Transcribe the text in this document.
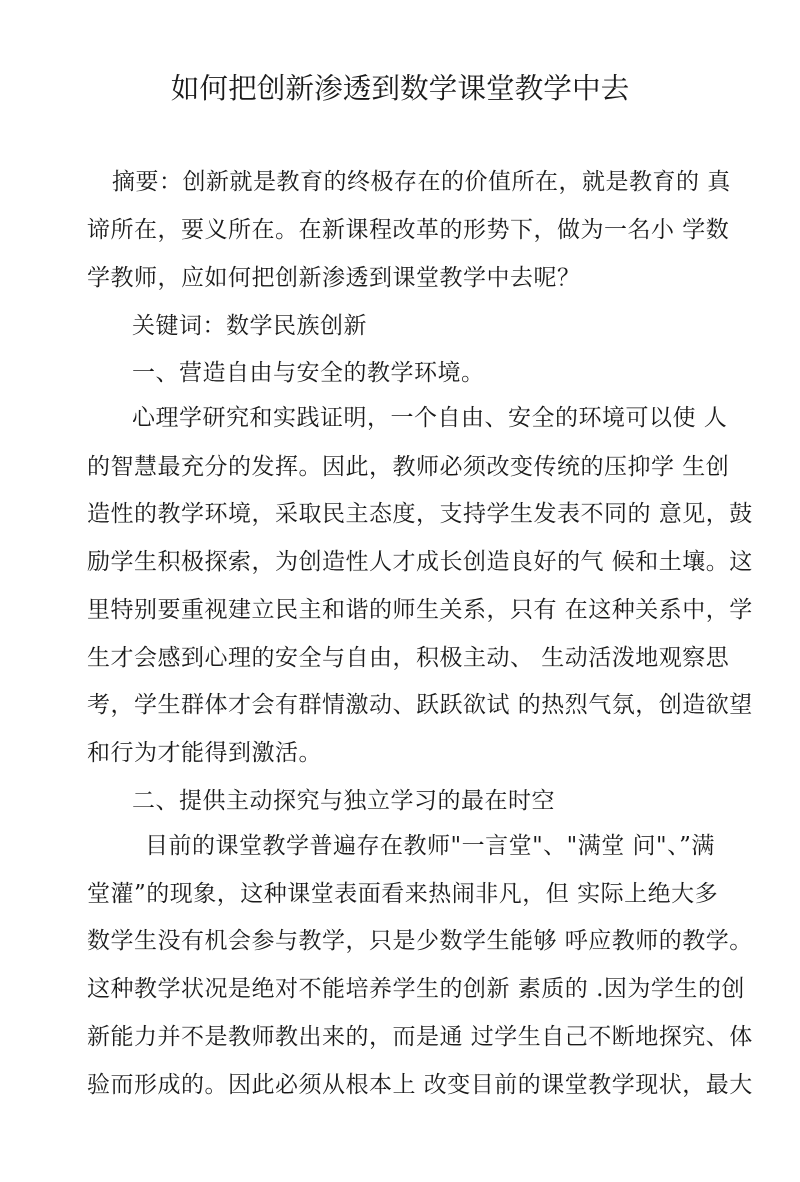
如何把创新渗透到数学课堂教学中去
摘要：创新就是教育的终极存在的价值所在，就是教育的 真
谛所在，要义所在。在新课程改革的形势下，做为一名小 学数
学教师，应如何把创新渗透到课堂教学中去呢？
关键词：数学民族创新
一、营造自由与安全的教学环境。
心理学研究和实践证明，一个自由、安全的环境可以使 人
的智慧最充分的发挥。因此，教师必须改变传统的压抑学 生创
造性的教学环境，采取民主态度，支持学生发表不同的 意见，鼓
励学生积极探索，为创造性人才成长创造良好的气 候和土壤。这
里特别要重视建立民主和谐的师生关系，只有 在这种关系中，学
生才会感到心理的安全与自由，积极主动、 生动活泼地观察思
考，学生群体才会有群情激动、跃跃欲试 的热烈气氛，创造欲望
和行为才能得到激活。
二、提供主动探究与独立学习的最在时空
目前的课堂教学普遍存在教师"一言堂"、"满堂 问"、”满
堂灌”的现象，这种课堂表面看来热闹非凡，但 实际上绝大多
数学生没有机会参与教学，只是少数学生能够 呼应教师的教学。
这种教学状况是绝对不能培养学生的创新 素质的 .因为学生的创
新能力并不是教师教出来的，而是通 过学生自己不断地探究、体
验而形成的。因此必须从根本上 改变目前的课堂教学现状，最大
